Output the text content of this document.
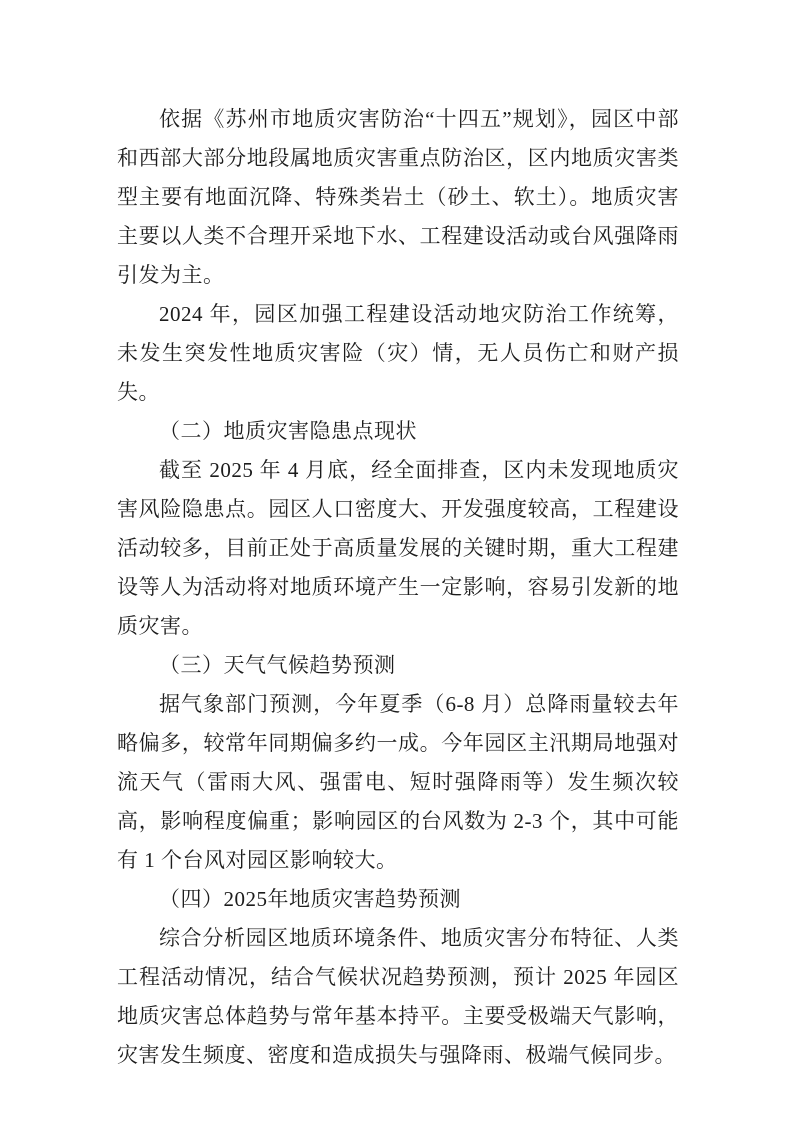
依据《苏州市地质灾害防治“十四五”规划》，园区中部和西部大部分地段属地质灾害重点防治区，区内地质灾害类型主要有地面沉降、特殊类岩土（砂土、软土）。地质灾害主要以人类不合理开采地下水、工程建设活动或台风强降雨引发为主。

2024 年，园区加强工程建设活动地灾防治工作统筹，未发生突发性地质灾害险（灾）情，无人员伤亡和财产损失。

（二）地质灾害隐患点现状

截至 2025 年 4 月底，经全面排查，区内未发现地质灾害风险隐患点。园区人口密度大、开发强度较高，工程建设活动较多，目前正处于高质量发展的关键时期，重大工程建设等人为活动将对地质环境产生一定影响，容易引发新的地质灾害。

（三）天气气候趋势预测

据气象部门预测，今年夏季（6-8 月）总降雨量较去年略偏多，较常年同期偏多约一成。今年园区主汛期局地强对流天气（雷雨大风、强雷电、短时强降雨等）发生频次较高，影响程度偏重；影响园区的台风数为 2-3 个，其中可能有 1 个台风对园区影响较大。

（四）2025年地质灾害趋势预测

综合分析园区地质环境条件、地质灾害分布特征、人类工程活动情况，结合气候状况趋势预测，预计 2025 年园区地质灾害总体趋势与常年基本持平。主要受极端天气影响，灾害发生频度、密度和造成损失与强降雨、极端气候同步。
